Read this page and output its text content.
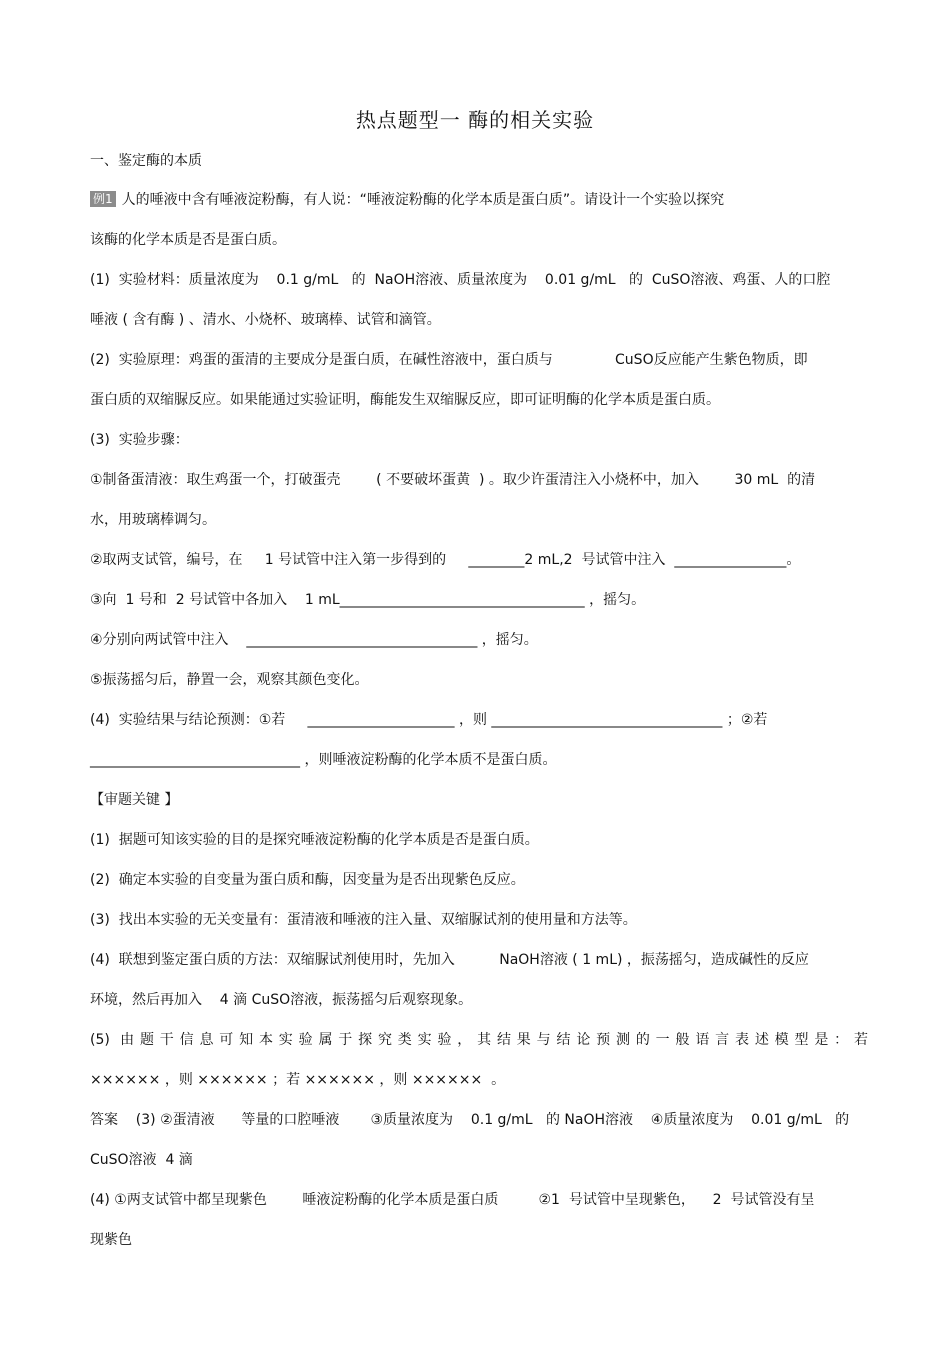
热点题型一 酶的相关实验
一、鉴定酶的本质
例1 人的唾液中含有唾液淀粉酶，有人说：“唾液淀粉酶的化学本质是蛋白质”。请设计一个实验以探究
该酶的化学本质是否是蛋白质。
(1)  实验材料：质量浓度为    0.1 g/mL   的  NaOH溶液、质量浓度为    0.01 g/mL   的  CuSO溶液、鸡蛋、人的口腔
唾液 ( 含有酶 ) 、清水、小烧杯、玻璃棒、试管和滴管。
(2)  实验原理：鸡蛋的蛋清的主要成分是蛋白质，在碱性溶液中，蛋白质与              CuSO反应能产生紫色物质，即
蛋白质的双缩脲反应。如果能通过实验证明，酶能发生双缩脲反应，即可证明酶的化学本质是蛋白质。
(3)  实验步骤：
①制备蛋清液：取生鸡蛋一个，打破蛋壳        ( 不要破坏蛋黄  ) 。取少许蛋清注入小烧杯中，加入        30 mL  的清
水，用玻璃棒调匀。
②取两支试管，编号，在     1 号试管中注入第一步得到的     ________2 mL,2  号试管中注入  ________________。
③向  1 号和  2 号试管中各加入    1 mL___________________________________ ，摇匀。
④分别向两试管中注入    _________________________________ ，摇匀。
⑤振荡摇匀后，静置一会，观察其颜色变化。
(4)  实验结果与结论预测：①若     _____________________ ，则 _________________________________ ；②若
______________________________ ，则唾液淀粉酶的化学本质不是蛋白质。
【审题关键 】
(1)  据题可知该实验的目的是探究唾液淀粉酶的化学本质是否是蛋白质。
(2)  确定本实验的自变量为蛋白质和酶，因变量为是否出现紫色反应。
(3)  找出本实验的无关变量有：蛋清液和唾液的注入量、双缩脲试剂的使用量和方法等。
(4)  联想到鉴定蛋白质的方法：双缩脲试剂使用时，先加入          NaOH溶液 ( 1 mL) ，振荡摇匀，造成碱性的反应
环境，然后再加入    4 滴 CuSO溶液，振荡摇匀后观察现象。
(5) 由题干信息可知本实验属于探究类实验，其结果与结论预测的一般语言表述模型是：若
×××××× ，则 ×××××× ；若 ×××××× ，则 ××××××  。
答案    (3) ②蛋清液      等量的口腔唾液       ③质量浓度为    0.1 g/mL   的 NaOH溶液    ④质量浓度为    0.01 g/mL   的
CuSO溶液  4 滴
(4) ①两支试管中都呈现紫色        唾液淀粉酶的化学本质是蛋白质         ②1  号试管中呈现紫色，    2  号试管没有呈
现紫色
